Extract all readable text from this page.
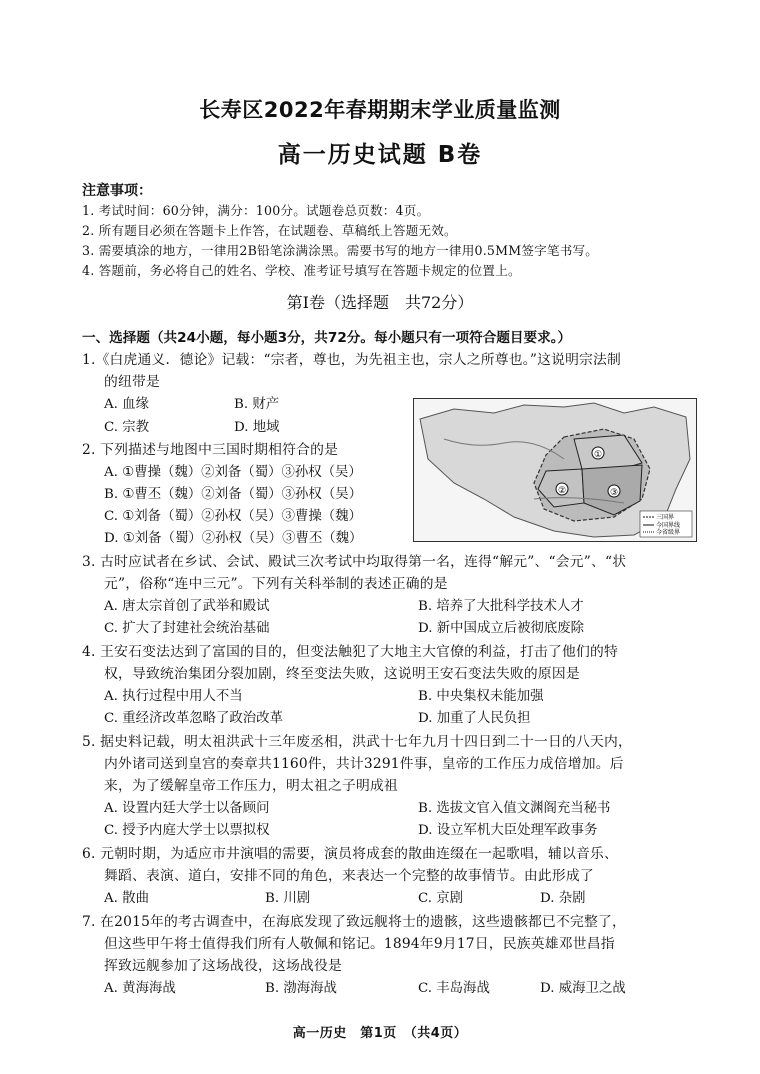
长寿区2022年春期期末学业质量监测
高一历史试题 B卷
注意事项：
1. 考试时间：60分钟，满分：100分。试题卷总页数：4页。
2. 所有题目必须在答题卡上作答，在试题卷、草稿纸上答题无效。
3. 需要填涂的地方，一律用2B铅笔涂满涂黑。需要书写的地方一律用0.5MM签字笔书写。
4. 答题前，务必将自己的姓名、学校、准考证号填写在答题卡规定的位置上。
第Ⅰ卷（选择题　共72分）
一、选择题（共24小题，每小题3分，共72分。每小题只有一项符合题目要求。）
1.《白虎通义．德论》记载：“宗者，尊也，为先祖主也，宗人之所尊也。”这说明宗法制
的纽带是
A. 血缘	B. 财产
C. 宗教	D. 地域
2. 下列描述与地图中三国时期相符合的是
A. ①曹操（魏）②刘备（蜀）③孙权（吴）
B. ①曹丕（魏）②刘备（蜀）③孙权（吴）
C. ①刘备（蜀）②孙权（吴）③曹操（魏）
D. ①刘备（蜀）②孙权（吴）③曹丕（魏）
①
②	③
三国界
今国界线
今省级界
3. 古时应试者在乡试、会试、殿试三次考试中均取得第一名，连得“解元”、“会元”、“状
元”，俗称“连中三元”。下列有关科举制的表述正确的是
A. 唐太宗首创了武举和殿试	B. 培养了大批科学技术人才
C. 扩大了封建社会统治基础	D. 新中国成立后被彻底废除
4. 王安石变法达到了富国的目的，但变法触犯了大地主大官僚的利益，打击了他们的特
权，导致统治集团分裂加剧，终至变法失败，这说明王安石变法失败的原因是
A. 执行过程中用人不当	B. 中央集权未能加强
C. 重经济改革忽略了政治改革	D. 加重了人民负担
5. 据史料记载，明太祖洪武十三年废丞相，洪武十七年九月十四日到二十一日的八天内，
内外诸司送到皇宫的奏章共1160件，共计3291件事，皇帝的工作压力成倍增加。后
来，为了缓解皇帝工作压力，明太祖之子明成祖
A. 设置内廷大学士以备顾问	B. 选拔文官入值文渊阁充当秘书
C. 授予内庭大学士以票拟权	D. 设立军机大臣处理军政事务
6. 元朝时期，为适应市井演唱的需要，演员将成套的散曲连缀在一起歌唱，辅以音乐、
舞蹈、表演、道白，安排不同的角色，来表达一个完整的故事情节。由此形成了
A. 散曲	B. 川剧	C. 京剧	D. 杂剧
7. 在2015年的考古调查中，在海底发现了致远舰将士的遗骸，这些遗骸都已不完整了，
但这些甲午将士值得我们所有人敬佩和铭记。1894年9月17日，民族英雄邓世昌指
挥致远舰参加了这场战役，这场战役是
A. 黄海海战	B. 渤海海战	C. 丰岛海战	D. 威海卫之战
高一历史　第1页　（共4页）
